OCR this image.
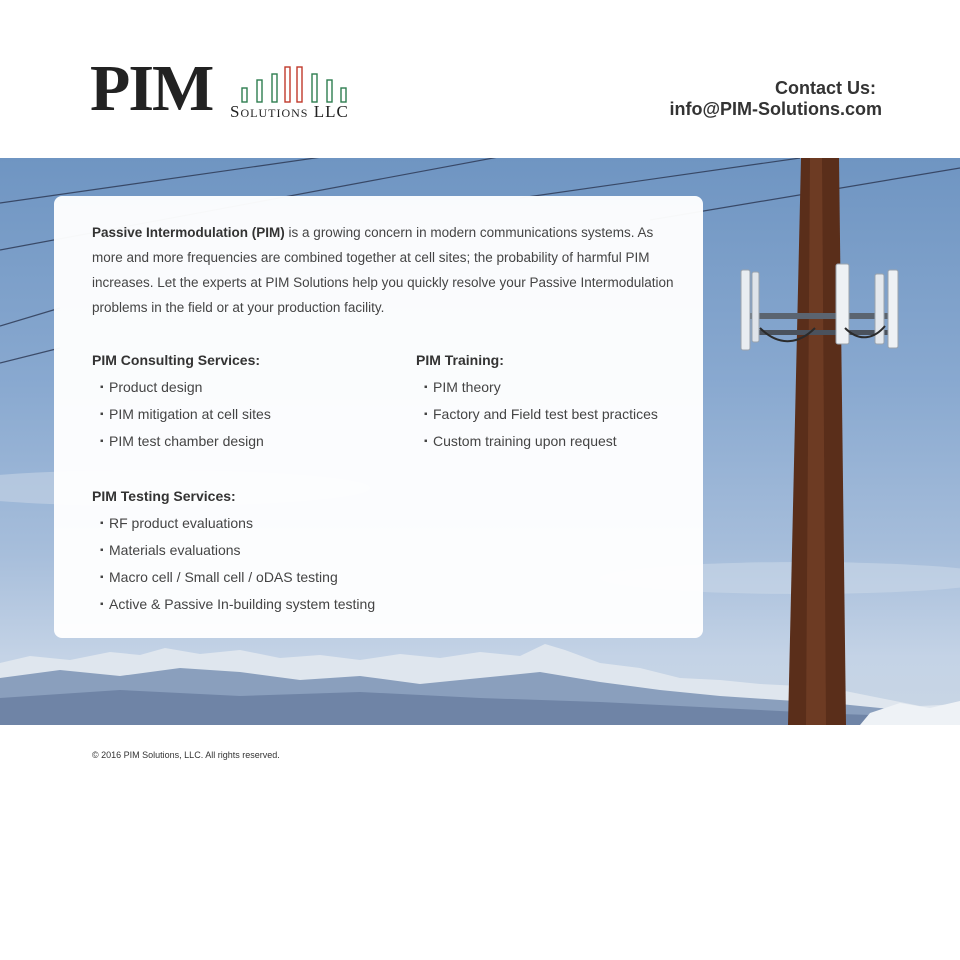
PIM Solutions LLC
Contact Us:
info@PIM-Solutions.com
Passive Intermodulation (PIM) is a growing concern in modern communications systems. As more and more frequencies are combined together at cell sites; the probability of harmful PIM increases. Let the experts at PIM Solutions help you quickly resolve your Passive Intermodulation problems in the field or at your production facility.
PIM Consulting Services:
▪ Product design
▪ PIM mitigation at cell sites
▪ PIM test chamber design
PIM Training:
▪ PIM theory
▪ Factory and Field test best practices
▪ Custom training upon request
PIM Testing Services:
▪ RF product evaluations
▪ Materials evaluations
▪ Macro cell / Small cell / oDAS testing
▪ Active & Passive In-building system testing
© 2016 PIM Solutions, LLC. All rights reserved.
